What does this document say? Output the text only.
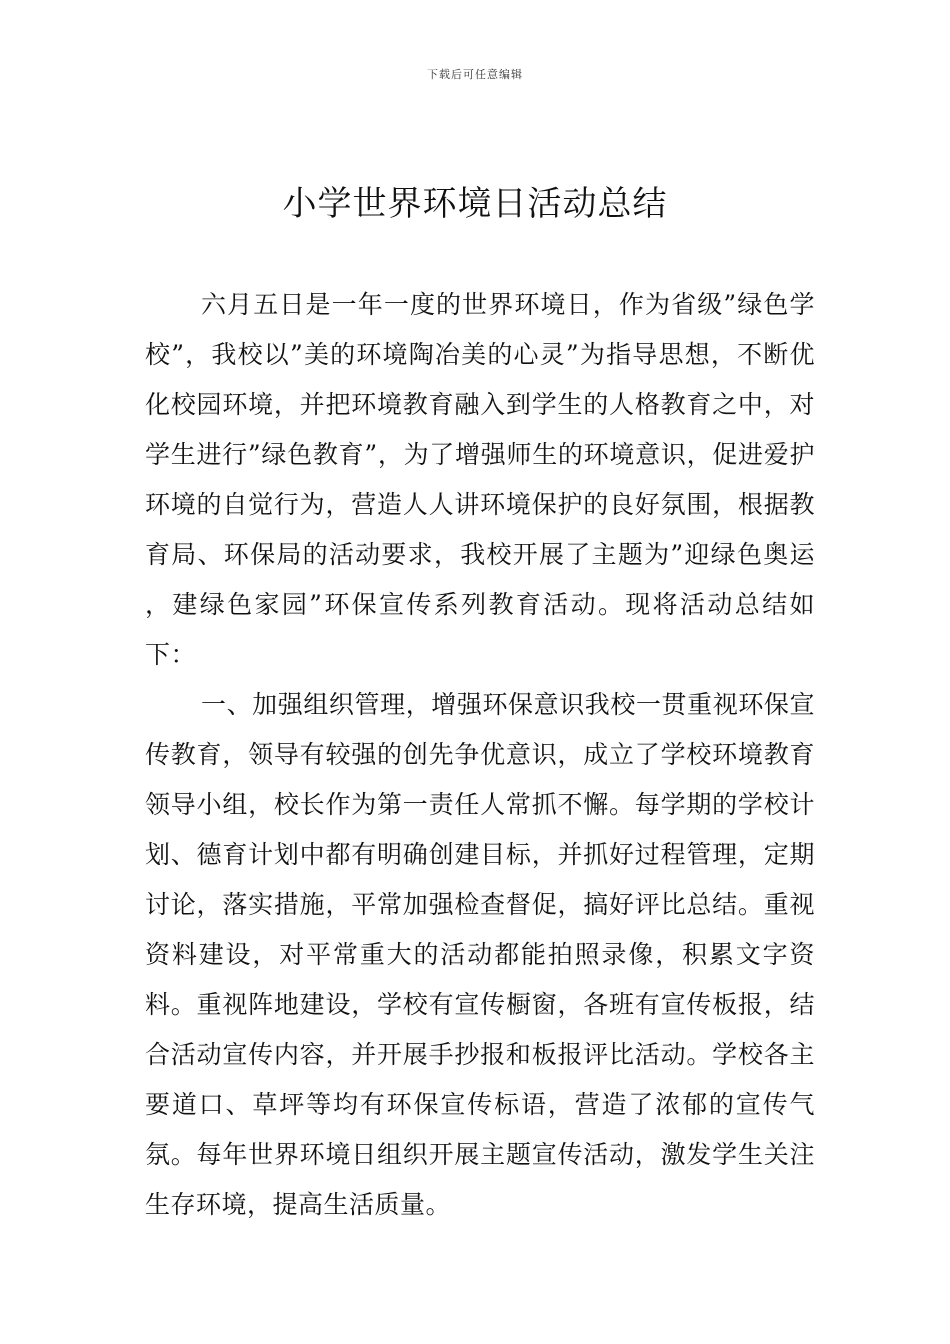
下载后可任意编辑
小学世界环境日活动总结

六月五日是一年一度的世界环境日，作为省级”绿色学校”，我校以”美的环境陶冶美的心灵”为指导思想，不断优化校园环境，并把环境教育融入到学生的人格教育之中，对学生进行”绿色教育”，为了增强师生的环境意识，促进爱护环境的自觉行为，营造人人讲环境保护的良好氛围，根据教育局、环保局的活动要求，我校开展了主题为”迎绿色奥运 ，建绿色家园”环保宣传系列教育活动。现将活动总结如下：

一、加强组织管理，增强环保意识我校一贯重视环保宣传教育，领导有较强的创先争优意识，成立了学校环境教育领导小组，校长作为第一责任人常抓不懈。每学期的学校计划、德育计划中都有明确创建目标，并抓好过程管理，定期讨论，落实措施，平常加强检查督促，搞好评比总结。重视资料建设，对平常重大的活动都能拍照录像，积累文字资料。重视阵地建设，学校有宣传橱窗，各班有宣传板报，结合活动宣传内容，并开展手抄报和板报评比活动。学校各主要道口、草坪等均有环保宣传标语，营造了浓郁的宣传气氛。每年世界环境日组织开展主题宣传活动，激发学生关注生存环境，提高生活质量。
